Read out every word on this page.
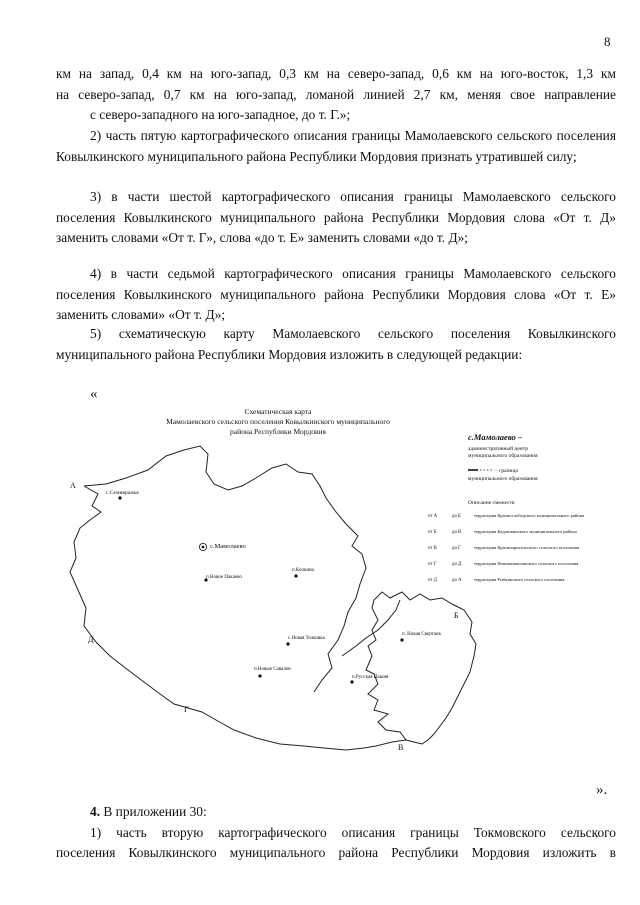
8

км на запад, 0,4 км на юго-запад, 0,3 км на северо-запад, 0,6 км на юго-восток, 1,3 км

на северо-запад, 0,7 км на юго-запад, ломаной линией 2,7 км, меняя свое направление

с северо-западного на юго-западное, до т. Г.»;

2) часть пятую картографического описания границы Мамолаевского сельского поселения Ковылкинского муниципального района Республики Мордовия признать утратившей силу;

3) в части шестой картографического описания границы Мамолаевского сельского поселения Ковылкинского муниципального района Республики Мордовия слова «От т. Д» заменить словами «От т. Г», слова «до т. Е» заменить словами «до т. Д»;

4) в части седьмой картографического описания границы Мамолаевского сельского поселения Ковылкинского муниципального района Республики Мордовия слова «От т. Е» заменить словами» «От т. Д»;

5) схематическую карту Мамолаевского сельского поселения Ковылкинского муниципального района Республики Мордовия изложить в следующей редакции:

«
Схематическая карта
Мамолаевского сельского поселения Ковылкинского муниципального
района Республики Мордовия
А
Б
В
Г
Д
с.Семивражье
с.Мамолаево
п.Новое Пакаево
п.Кочкино
с.Новая Толковка
п.Новые Савалеи
п.Русская Пашня
п. Новая Свертаев
с.Мамолаево –
административный центр
муниципального образования
– граница
муниципального образования
Описание смежеств
от А	до Б	территория Краснослободского муниципального района
от Б	до В	территория Кадошкинского муниципального района
от В	до Г	территория Красноприсельского сельского поселения
от Г	до Д	территория Новомамангинского сельского поселения
от Д	до А	территория Рыбкинского сельского поселения
».

4. В приложении 30:

1) часть вторую картографического описания границы Токмовского сельского

поселения Ковылкинского муниципального района Республики Мордовия изложить в
